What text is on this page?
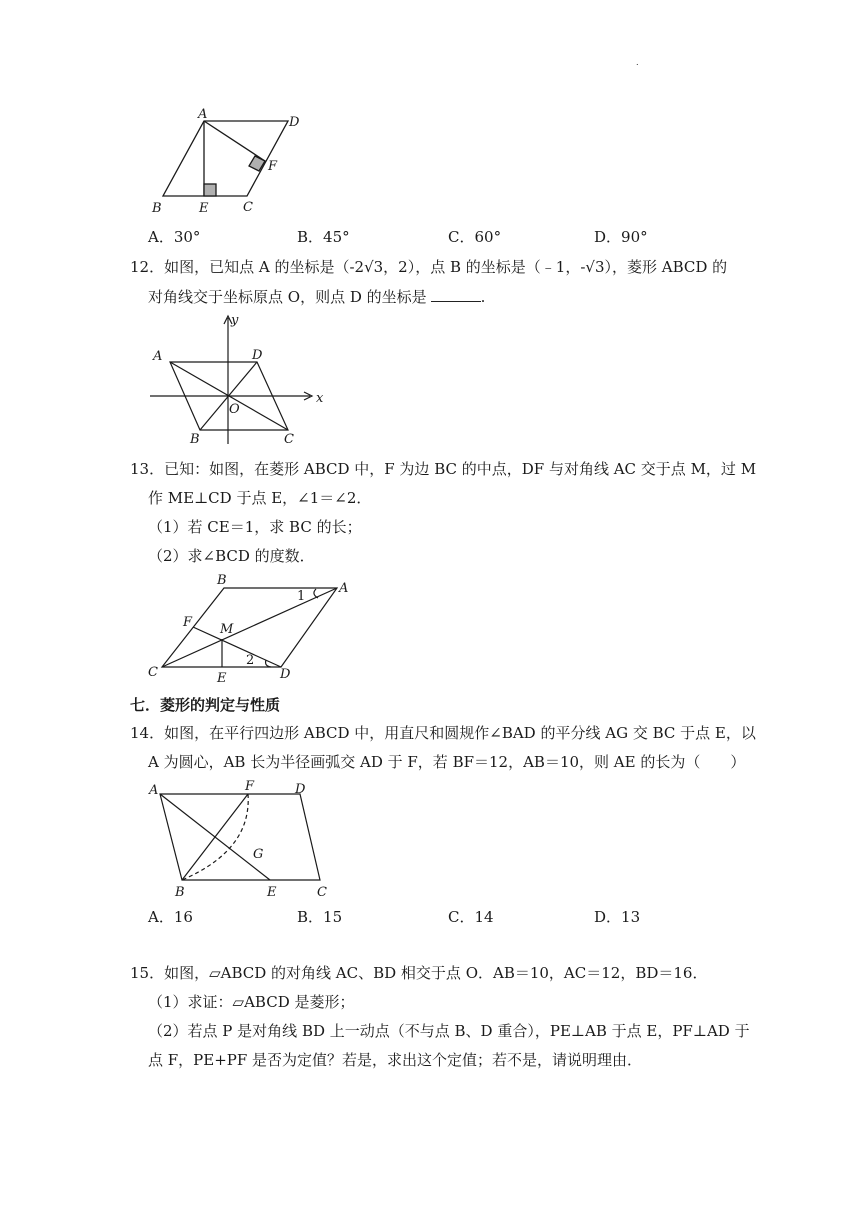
.
A
D
F
B	E	C
A．30°	B．45°	C．60°	D．90°
12．如图，已知点 A 的坐标是（-2√3，2），点 B 的坐标是（﹣1，-√3），菱形 ABCD 的
对角线交于坐标原点 O，则点 D 的坐标是	.
y
x
A	D
O
B	C
13．已知：如图，在菱形 ABCD 中，F 为边 BC 的中点，DF 与对角线 AC 交于点 M，过 M
作 ME⊥CD 于点 E，∠1＝∠2．
（1）若 CE＝1，求 BC 的长；
（2）求∠BCD 的度数．
B
A
1
F M
C	E
2
D
七．菱形的判定与性质
14．如图，在平行四边形 ABCD 中，用直尺和圆规作∠BAD 的平分线 AG 交 BC 于点 E，以
A 为圆心，AB 长为半径画弧交 AD 于 F，若 BF＝12，AB＝10，则 AE 的长为（　　）
A	F	D
G
B	E	C
A．16	B．15	C．14	D．13
15．如图，▱ABCD 的对角线 AC、BD 相交于点 O．AB＝10，AC＝12，BD＝16．
（1）求证：▱ABCD 是菱形；
（2）若点 P 是对角线 BD 上一动点（不与点 B、D 重合），PE⊥AB 于点 E，PF⊥AD 于
点 F，PE+PF 是否为定值？若是，求出这个定值；若不是，请说明理由．
